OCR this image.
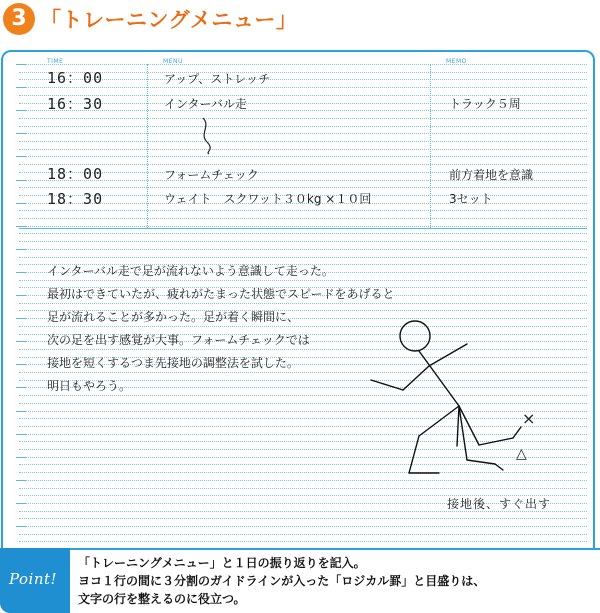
3 「トレーニングメニュー」
TIME	MENU	MEMO
16：00	アップ、ストレッチ
16：30	インターバル走	トラック５周
18：00	フォームチェック	前方着地を意識
18：30	ウェイト　スクワット３０kg ×１０回	3セット
インターバル走で足が流れないよう意識して走った。
最初はできていたが、疲れがたまった状態でスピードをあげると
足が流れることが多かった。足が着く瞬間に、
次の足を出す感覚が大事。フォームチェックでは
接地を短くするつま先接地の調整法を試した。
明日もやろう。
×
△
接地後、すぐ出す
Point!
「トレーニングメニュー」と１日の振り返りを記入。
ヨコ１行の間に３分割のガイドラインが入った「ロジカル罫」と目盛りは、
文字の行を整えるのに役立つ。
